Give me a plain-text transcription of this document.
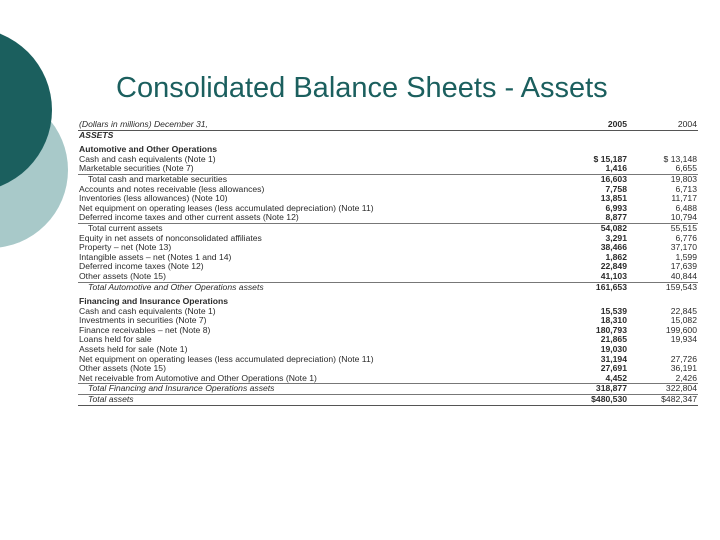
Consolidated Balance Sheets - Assets
(Dollars in millions) December 31,	2005	2004
ASSETS		

Automotive and Other Operations		
Cash and cash equivalents (Note 1)	$ 15,187	$ 13,148
Marketable securities (Note 7)	1,416	6,655
Total cash and marketable securities	16,603	19,803
Accounts and notes receivable (less allowances)	7,758	6,713
Inventories (less allowances) (Note 10)	13,851	11,717
Net equipment on operating leases (less accumulated depreciation) (Note 11)	6,993	6,488
Deferred income taxes and other current assets (Note 12)	8,877	10,794
Total current assets	54,082	55,515
Equity in net assets of nonconsolidated affiliates	3,291	6,776
Property – net (Note 13)	38,466	37,170
Intangible assets – net (Notes 1 and 14)	1,862	1,599
Deferred income taxes (Note 12)	22,849	17,639
Other assets (Note 15)	41,103	40,844
Total Automotive and Other Operations assets	161,653	159,543

Financing and Insurance Operations		
Cash and cash equivalents (Note 1)	15,539	22,845
Investments in securities (Note 7)	18,310	15,082
Finance receivables – net (Note 8)	180,793	199,600
Loans held for sale	21,865	19,934
Assets held for sale (Note 1)	19,030	
Net equipment on operating leases (less accumulated depreciation) (Note 11)	31,194	27,726
Other assets (Note 15)	27,691	36,191
Net receivable from Automotive and Other Operations (Note 1)	4,452	2,426
Total Financing and Insurance Operations assets	318,877	322,804
Total assets	$480,530	$482,347
